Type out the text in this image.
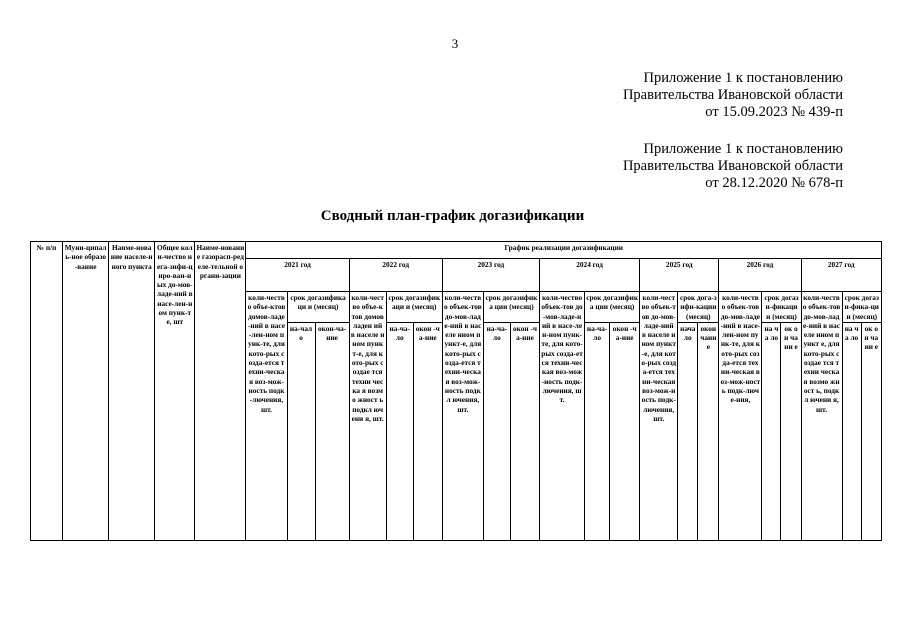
3
Приложение 1 к постановлению
Правительства Ивановской области
от 15.09.2023 № 439-п
Приложение 1 к постановлению
Правительства Ивановской области
от 28.12.2020 № 678-п
Сводный план-график догазификации
№ п/п	Муни-ципаль-ное образо-вание	Наиме-нование населе-нного пункта	Общее коли-чество нега-зифи-циро-ван-ных до-мов-ладе-ний в насе-лен-ном пунк-те, шт	Наиме-нование газорасп-ределе-тельной органи-зации	График реализации догазификации																				
					2021 год			2022 год			2023 год			2024 год			2025 год			2026 год			2027 год		
					коли-чество объе-ктов домов-ладе-ний в насе-лен-ном пунк-те, для кото-рых созда-ется техни-ческая воз-мож-ность подк-лючения, шт.	срок догазификаци и (месяц)		коли-чество объе-ктов домов ладен ий в населе нном пункт-е, для кото-рых создае тся техни ческа я возмо жност ь подкл ючени я, шт.	срок догазификаци и (месяц)		коли-чество объек-тов до-мов-ладе-ний в населе нном пункт-е, для кото-рых созда-ется техни-ческая воз-мож-ность подкл ючения, шт.	срок догазифика ции (месяц)		коли-чество объек-тов до-мов-ладе-ний в насе-лен-ном пунк-те, для кото-рых созда-ется техни-ческая воз-мож-ность подк-лючения, шт.	срок догазифика ции (месяц)		коли-чество объек-тов до-мов-ладе-ний в населе нном пункт-е, для кото-рых созда-ется техни-ческая воз-мож-ность подк-лючения, шт.	срок дога-зифи-кации (месяц)		коли-чество объек-тов до-мов-ладе-ний в насе-лен-ном пунк-те, для кото-рых созда-ется техни-ческая воз-мож-ность подк-люче-ния,	срок догази-фикации (месяц)		коли-чество объек-тов до-мов-ладе-ний в населе нном пункт е, для кото-рых создае тся техни ческа я возмо жност ь, подкл ючени я, шт.	срок догази-фика-ции (месяц)	
						на-чало	окон-ча-ние		на-ча-ло	окон -ча-ние		на-ча-ло	окон -ча-ние		на-ча-ло	окон -ча-ние		нача ло	окон чание		на ча ло	ок он ча ни е		на ча ло	ок он ча ни е
